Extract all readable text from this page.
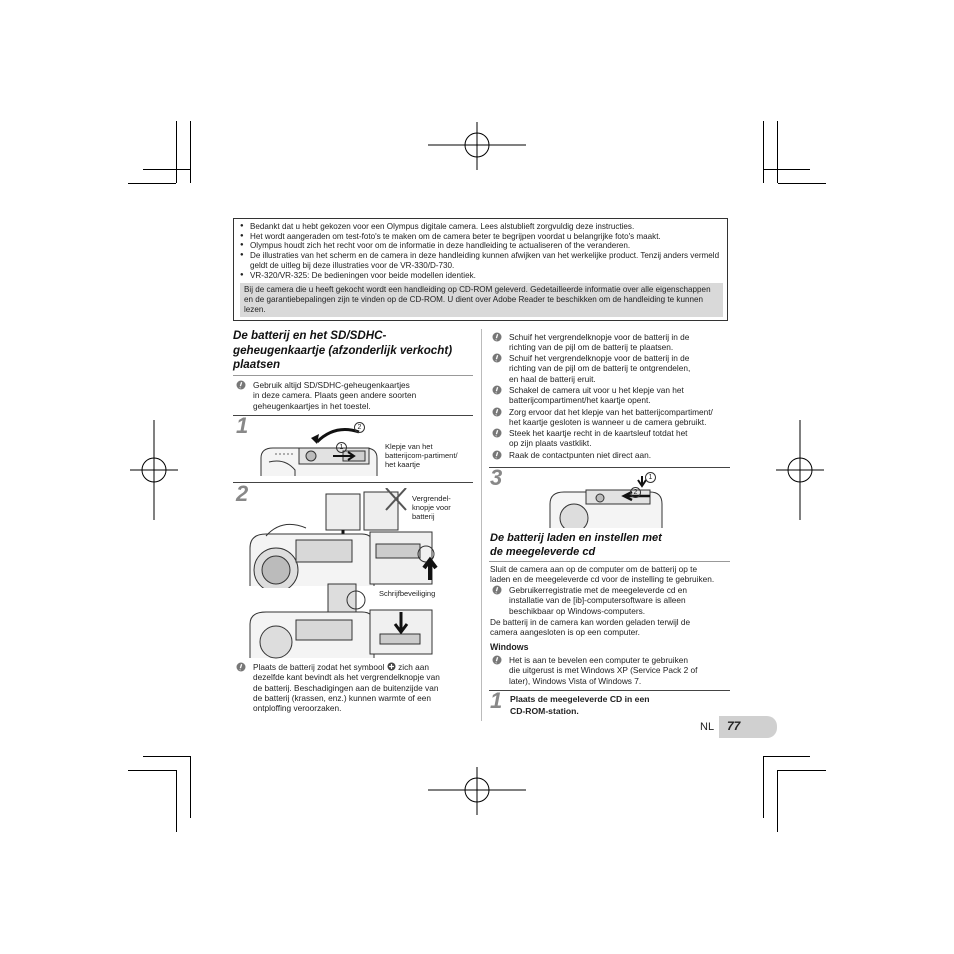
● Bedankt dat u hebt gekozen voor een Olympus digitale camera. Lees alstublieft zorgvuldig deze instructies.
● Het wordt aangeraden om test-foto's te maken om de camera beter te begrijpen voordat u belangrijke foto's maakt.
● Olympus houdt zich het recht voor om de informatie in deze handleiding te actualiseren of the veranderen.
● De illustraties van het scherm en de camera in deze handleiding kunnen afwijken van het werkelijke product. Tenzij anders vermeld geldt de uitleg bij deze illustraties voor de VR-330/D-730.
● VR-320/VR-325: De bedieningen voor beide modellen identiek.
Bij de camera die u heeft gekocht wordt een handleiding op CD-ROM geleverd. Gedetailleerde informatie over alle eigenschappen en de garantiebepalingen zijn te vinden op de CD-ROM. U dient over Adobe Reader te beschikken om de handleiding te kunnen lezen.
De batterij en het SD/SDHC-
geheugenkaartje (afzonderlijk verkocht)
plaatsen
Gebruik altijd SD/SDHC-geheugenkaartjes
in deze camera. Plaats geen andere soorten
geheugenkaartjes in het toestel.
1	2
1	Klepje van het
batterijcom-partiment/
het kaartje
2	Vergrendel-
knopje voor
batterij
Schrijfbeveiliging
Plaats de batterij zodat het symbool zich aan
dezelfde kant bevindt als het vergrendelknopje van
de batterij. Beschadigingen aan de buitenzijde van
de batterij (krassen, enz.) kunnen warmte of een
ontploffing veroorzaken.
Schuif het vergrendelknopje voor de batterij in de
richting van de pijl om de batterij te plaatsen.
Schuif het vergrendelknopje voor de batterij in de
richting van de pijl om de batterij te ontgrendelen,
en haal de batterij eruit.
Schakel de camera uit voor u het klepje van het
batterijcompartiment/het kaartje opent.
Zorg ervoor dat het klepje van het batterijcompartiment/
het kaartje gesloten is wanneer u de camera gebruikt.
Steek het kaartje recht in de kaartsleuf totdat het
op zijn plaats vastklikt.
Raak de contactpunten niet direct aan.
3	1
2
De batterij laden en instellen met
de meegeleverde cd
Sluit de camera aan op de computer om de batterij op te
laden en de meegeleverde cd voor de instelling te gebruiken.
Gebruikerregistratie met de meegeleverde cd en
installatie van de [ib]-computersoftware is alleen
beschikbaar op Windows-computers.
De batterij in de camera kan worden geladen terwijl de
camera aangesloten is op een computer.
Windows
Het is aan te bevelen een computer te gebruiken
die uitgerust is met Windows XP (Service Pack 2 of
later), Windows Vista of Windows 7.
1 Plaats de meegeleverde CD in een
CD-ROM-station.
NL 77
